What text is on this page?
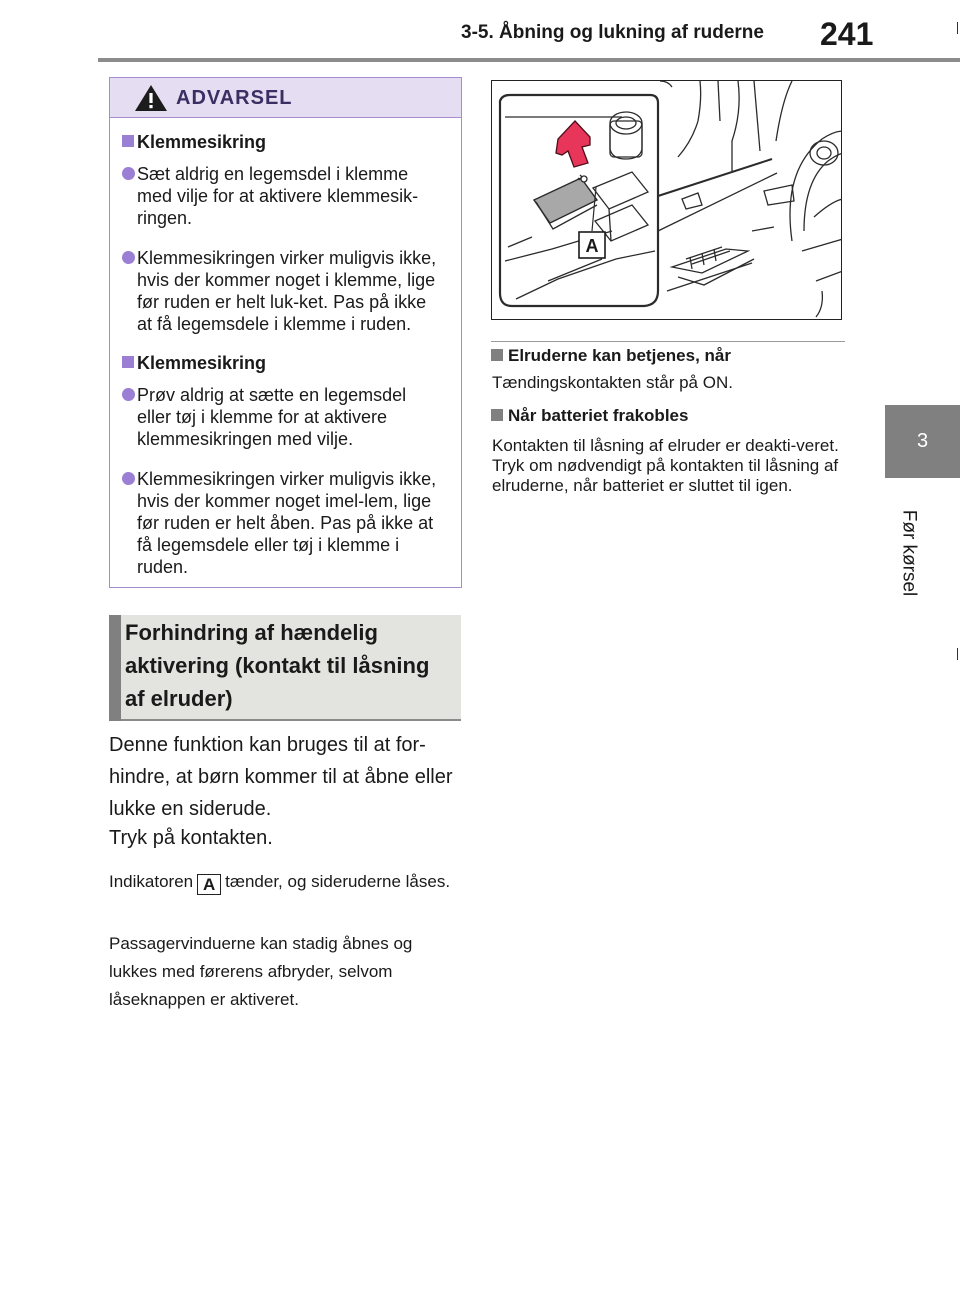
3-5. Åbning og lukning af ruderne 241
3
Før kørsel
ADVARSEL
Klemmesikring
Sæt aldrig en legemsdel i klemme med vilje for at aktivere klemmesik-ringen.
Klemmesikringen virker muligvis ikke, hvis der kommer noget i klemme, lige før ruden er helt luk-ket. Pas på ikke at få legemsdele i klemme i ruden.
Klemmesikring
Prøv aldrig at sætte en legemsdel eller tøj i klemme for at aktivere klemmesikringen med vilje.
Klemmesikringen virker muligvis ikke, hvis der kommer noget imel-lem, lige før ruden er helt åben. Pas på ikke at få legemsdele eller tøj i klemme i ruden.
Forhindring af hændelig aktivering (kontakt til låsning af elruder)
Denne funktion kan bruges til at for-hindre, at børn kommer til at åbne eller lukke en siderude.
Tryk på kontakten.
Indikatoren A tænder, og sideruderne låses.
Passagervinduerne kan stadig åbnes og lukkes med førerens afbryder, selvom låseknappen er aktiveret.
A
Elruderne kan betjenes, når
Tændingskontakten står på ON.
Når batteriet frakobles
Kontakten til låsning af elruder er deakti-veret. Tryk om nødvendigt på kontakten til låsning af elruderne, når batteriet er sluttet til igen.
